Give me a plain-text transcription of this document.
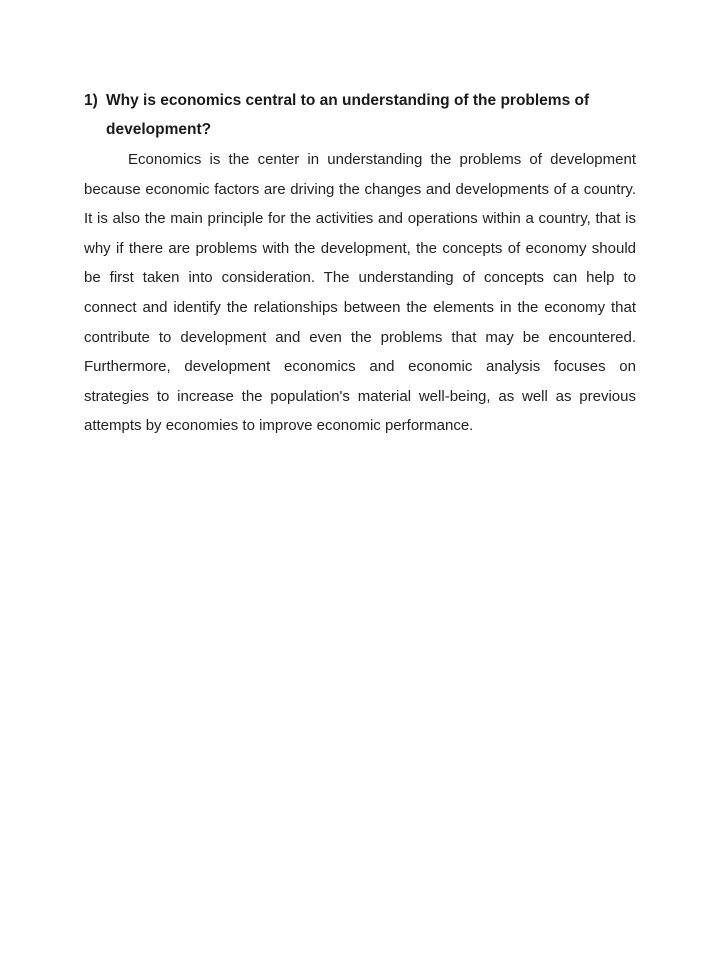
1) Why is economics central to an understanding of the problems of
development?

Economics is the center in understanding the problems of development because economic factors are driving the changes and developments of a country. It is also the main principle for the activities and operations within a country, that is why if there are problems with the development, the concepts of economy should be first taken into consideration. The understanding of concepts can help to connect and identify the relationships between the elements in the economy that contribute to development and even the problems that may be encountered. Furthermore, development economics and economic analysis focuses on strategies to increase the population's material well-being, as well as previous attempts by economies to improve economic performance.
